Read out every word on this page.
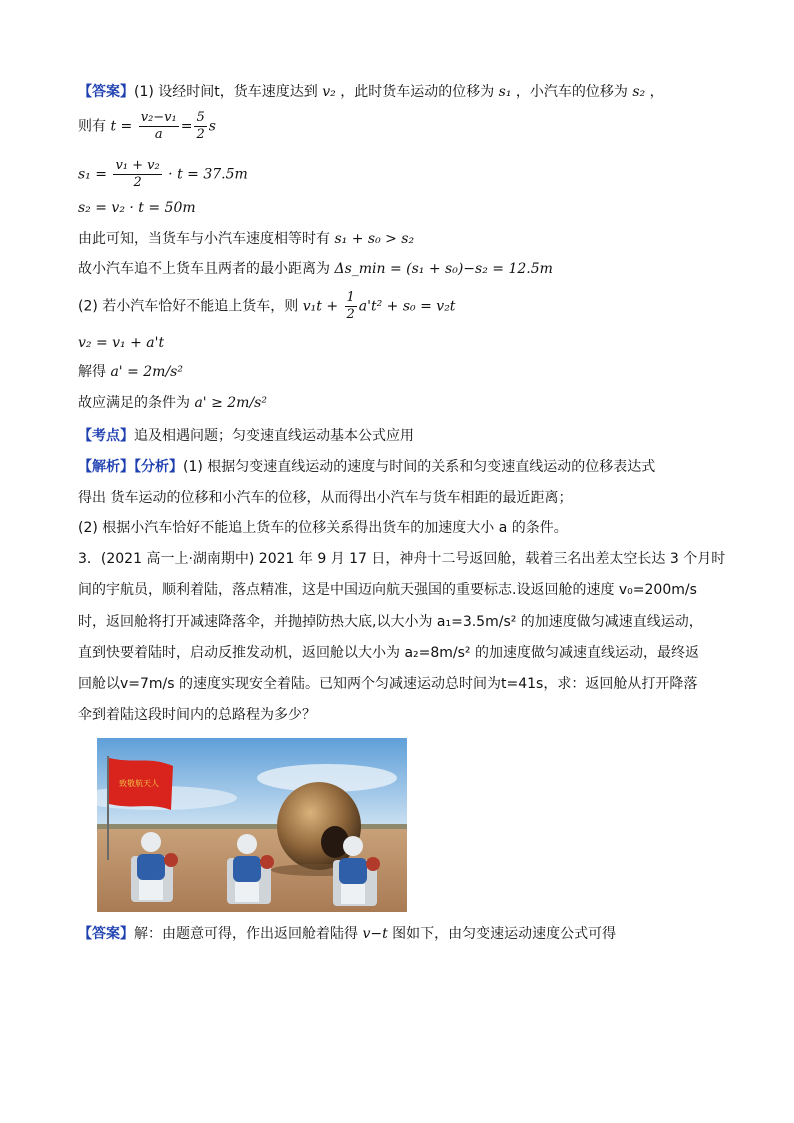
【答案】(1) 设经时间t，货车速度达到 v₂ ，此时货车运动的位移为 s₁ ，小汽车的位移为 s₂ ，
则有 $t = \frac{\text{v₂−v₁}}{a} = \frac{5}{2}$ s
$s_1 = \frac{\text{v₁ + v₂}}{2} \cdot t = 37.5m$
s₂ = v₂ · t = 50m
由此可知，当货车与小汽车速度相等时有 s₁ + s₀ > s₂
故小汽车追不上货车且两者的最小距离为 Δs_min = (s₁ + s₀)−s₂ = 12.5m
(2) 若小汽车恰好不能追上货车，则 $v_1t + \frac{1}{2} a't^2 + s_0 = v_2t$
v₂ = v₁ + a't
解得 a' = 2m/s²
故应满足的条件为 a' ≥ 2m/s²
【考点】追及相遇问题；匀变速直线运动基本公式应用
【解析】【分析】(1) 根据匀变速直线运动的速度与时间的关系和匀变速直线运动的位移表达式
得出 货车运动的位移和小汽车的位移，从而得出小汽车与货车相距的最近距离；
(2) 根据小汽车恰好不能追上货车的位移关系得出货车的加速度大小 a 的条件。
3．(2021 高一上·湖南期中) 2021 年 9 月 17 日，神舟十二号返回舱，载着三名出差太空长达 3 个月时
间的宇航员，顺利着陆，落点精准，这是中国迈向航天强国的重要标志.设返回舱的速度 v₀=200m/s
时，返回舱将打开减速降落伞，并抛掉防热大底,以大小为 a₁=3.5m/s² 的加速度做匀减速直线运动，
直到快要着陆时，启动反推发动机，返回舱以大小为 a₂=8m/s² 的加速度做匀减速直线运动，最终返
回舱以v=7m/s 的速度实现安全着陆。已知两个匀减速运动总时间为t=41s，求：返回舱从打开降落
伞到着陆这段时间内的总路程为多少？
致敬航天人
【答案】解：由题意可得，作出返回舱着陆得 v−t 图如下，由匀变速运动速度公式可得
